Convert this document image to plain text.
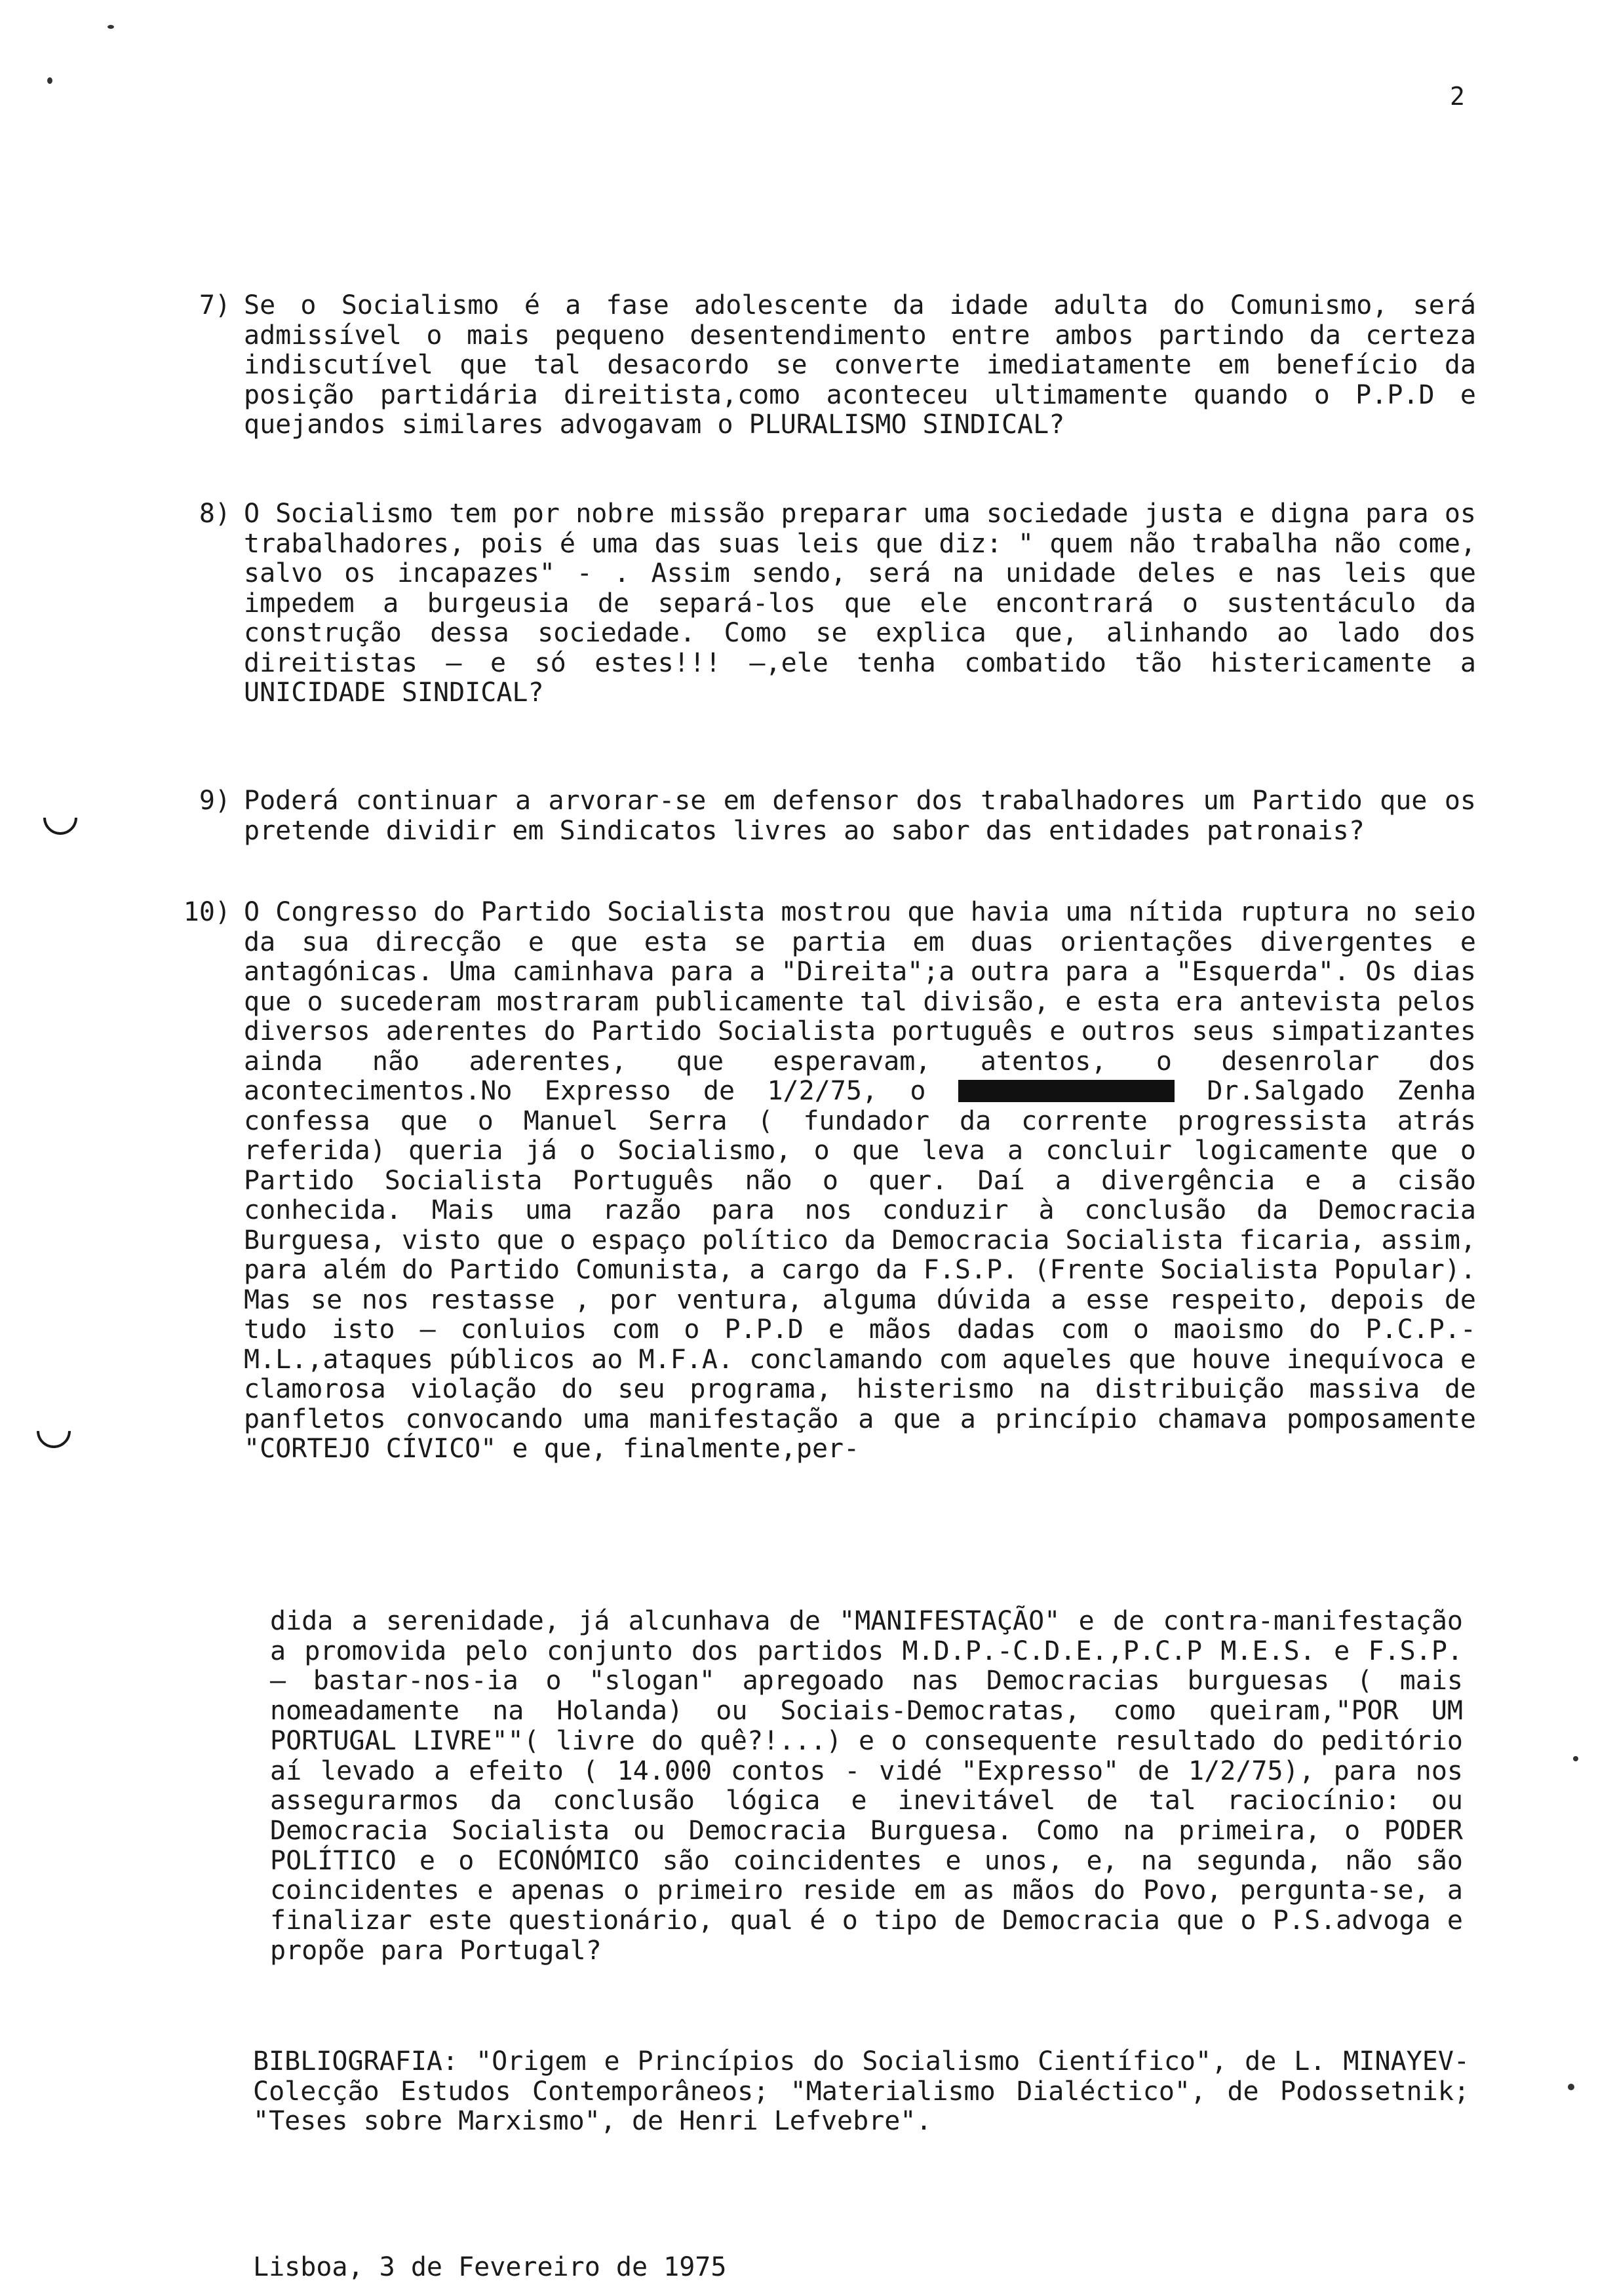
2
7) Se o Socialismo é a fase adolescente da idade adulta do Comunismo, será admissível o mais pequeno desentendimento entre ambos partindo da certeza indiscutível que tal desacordo se converte imediatamente em benefício da posição partidária direitista,como aconteceu ultimamente quando o P.P.D e quejandos similares advogavam o PLURALISMO SINDICAL?

8) O Socialismo tem por nobre missão preparar uma sociedade justa e digna para os trabalhadores, pois é uma das suas leis que diz: " quem não trabalha não come, salvo os incapazes" - . Assim sendo, será na unidade deles e nas leis que impedem a burgeusia de separá-los que ele encontrará o sustentáculo da construção dessa sociedade. Como se explica que, alinhando ao lado dos direitistas — e só estes!!! —,ele tenha combatido tão histericamente a UNICIDADE SINDICAL?

9) Poderá continuar a arvorar-se em defensor dos trabalhadores um Partido que os pretende dividir em Sindicatos livres ao sabor das entidades patronais?

10) O Congresso do Partido Socialista mostrou que havia uma nítida ruptura no seio da sua direcção e que esta se partia em duas orientações divergentes e antagónicas. Uma caminhava para a "Direita";a outra para a "Esquerda". Os dias que o sucederam mostraram publicamente tal divisão, e esta era antevista pelos diversos aderentes do Partido Socialista português e outros seus simpatizantes ainda não aderentes, que esperavam, atentos, o desenrolar dos acontecimentos.No Expresso de 1/2/75, o	Dr.Salgado Zenha confessa que o Manuel Serra ( fundador da corrente progressista atrás referida) queria já o Socialismo, o que leva a concluir logicamente que o Partido Socialista Português não o quer. Daí a divergência e a cisão conhecida. Mais uma razão para nos conduzir à conclusão da Democracia Burguesa, visto que o espaço político da Democracia Socialista ficaria, assim, para além do Partido Comunista, a cargo da F.S.P. (Frente Socialista Popular). Mas se nos restasse , por ventura, alguma dúvida a esse respeito, depois de tudo isto — conluios com o P.P.D e mãos dadas com o maoismo do P.C.P.-M.L.,ataques públicos ao M.F.A. conclamando com aqueles que houve inequívoca e clamorosa violação do seu programa, histerismo na distribuição massiva de panfletos convocando uma manifestação a que a princípio chamava pomposamente "CORTEJO CÍVICO" e que, finalmente,per-

dida a serenidade, já alcunhava de "MANIFESTAÇÃO" e de contra-manifestação a promovida pelo conjunto dos partidos M.D.P.-C.D.E.,P.C.P M.E.S. e F.S.P. — bastar-nos-ia o "slogan" apregoado nas Democracias burguesas ( mais nomeadamente na Holanda) ou Sociais-Democratas, como queiram,"POR UM PORTUGAL LIVRE""( livre do quê?!...) e o consequente resultado do peditório aí levado a efeito ( 14.000 contos - vidé "Expresso" de 1/2/75), para nos assegurarmos da conclusão lógica e inevitável de tal raciocínio: ou Democracia Socialista ou Democracia Burguesa. Como na primeira, o PODER POLÍTICO e o ECONÓMICO são coincidentes e unos, e, na segunda, não são coincidentes e apenas o primeiro reside em as mãos do Povo, pergunta-se, a finalizar este questionário, qual é o tipo de Democracia que o P.S.advoga e propõe para Portugal?
BIBLIOGRAFIA: "Origem e Princípios do Socialismo Científico", de L. MINAYEV- Colecção Estudos Contemporâneos; "Materialismo Dialéctico", de Podossetnik; "Teses sobre Marxismo", de Henri Lefvebre".
Lisboa, 3 de Fevereiro de 1975
